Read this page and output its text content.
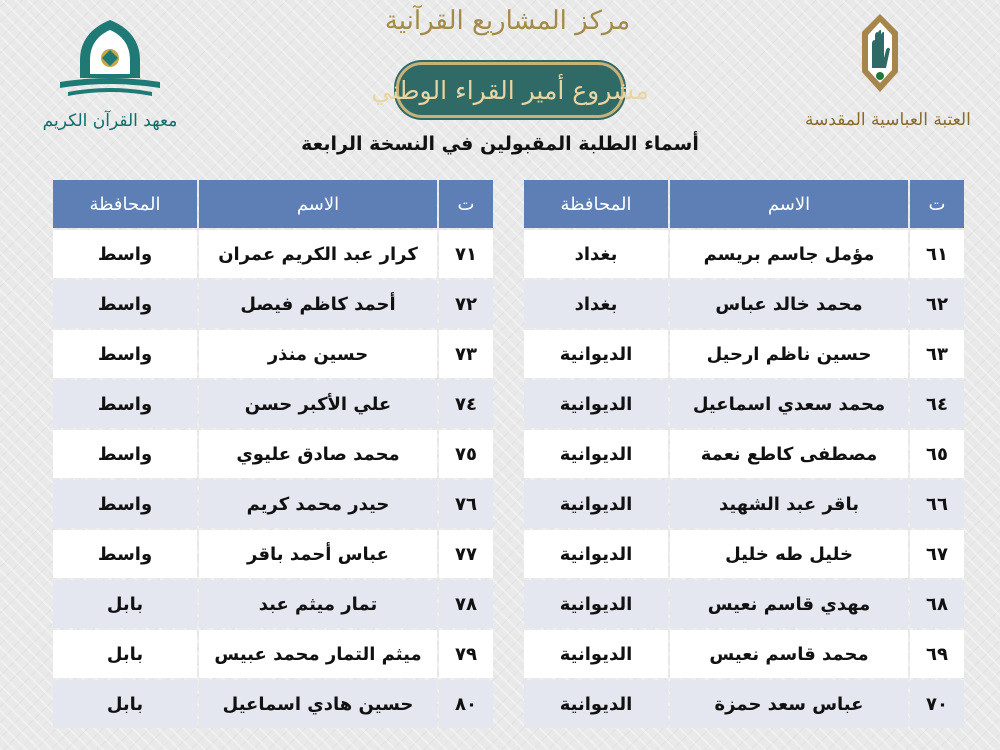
معهد القرآن الكريم
مركز المشاريع القرآنية
مشروع أمير القراء الوطني
العتبة العباسية المقدسة
أسماء الطلبة المقبولين في النسخة الرابعة
ت	الاسم	المحافظة
٦١	مؤمل جاسم بريسم	بغداد
٦٢	محمد خالد عباس	بغداد
٦٣	حسين ناظم ارحيل	الديوانية
٦٤	محمد سعدي اسماعيل	الديوانية
٦٥	مصطفى كاطع نعمة	الديوانية
٦٦	باقر عبد الشهيد	الديوانية
٦٧	خليل طه خليل	الديوانية
٦٨	مهدي قاسم نعيس	الديوانية
٦٩	محمد قاسم نعيس	الديوانية
٧٠	عباس سعد حمزة	الديوانية
ت	الاسم	المحافظة
٧١	كرار عبد الكريم عمران	واسط
٧٢	أحمد كاظم فيصل	واسط
٧٣	حسين منذر	واسط
٧٤	علي الأكبر حسن	واسط
٧٥	محمد صادق عليوي	واسط
٧٦	حيدر محمد كريم	واسط
٧٧	عباس أحمد باقر	واسط
٧٨	تمار ميثم عبد	بابل
٧٩	ميثم التمار محمد عبيس	بابل
٨٠	حسين هادي اسماعيل	بابل
